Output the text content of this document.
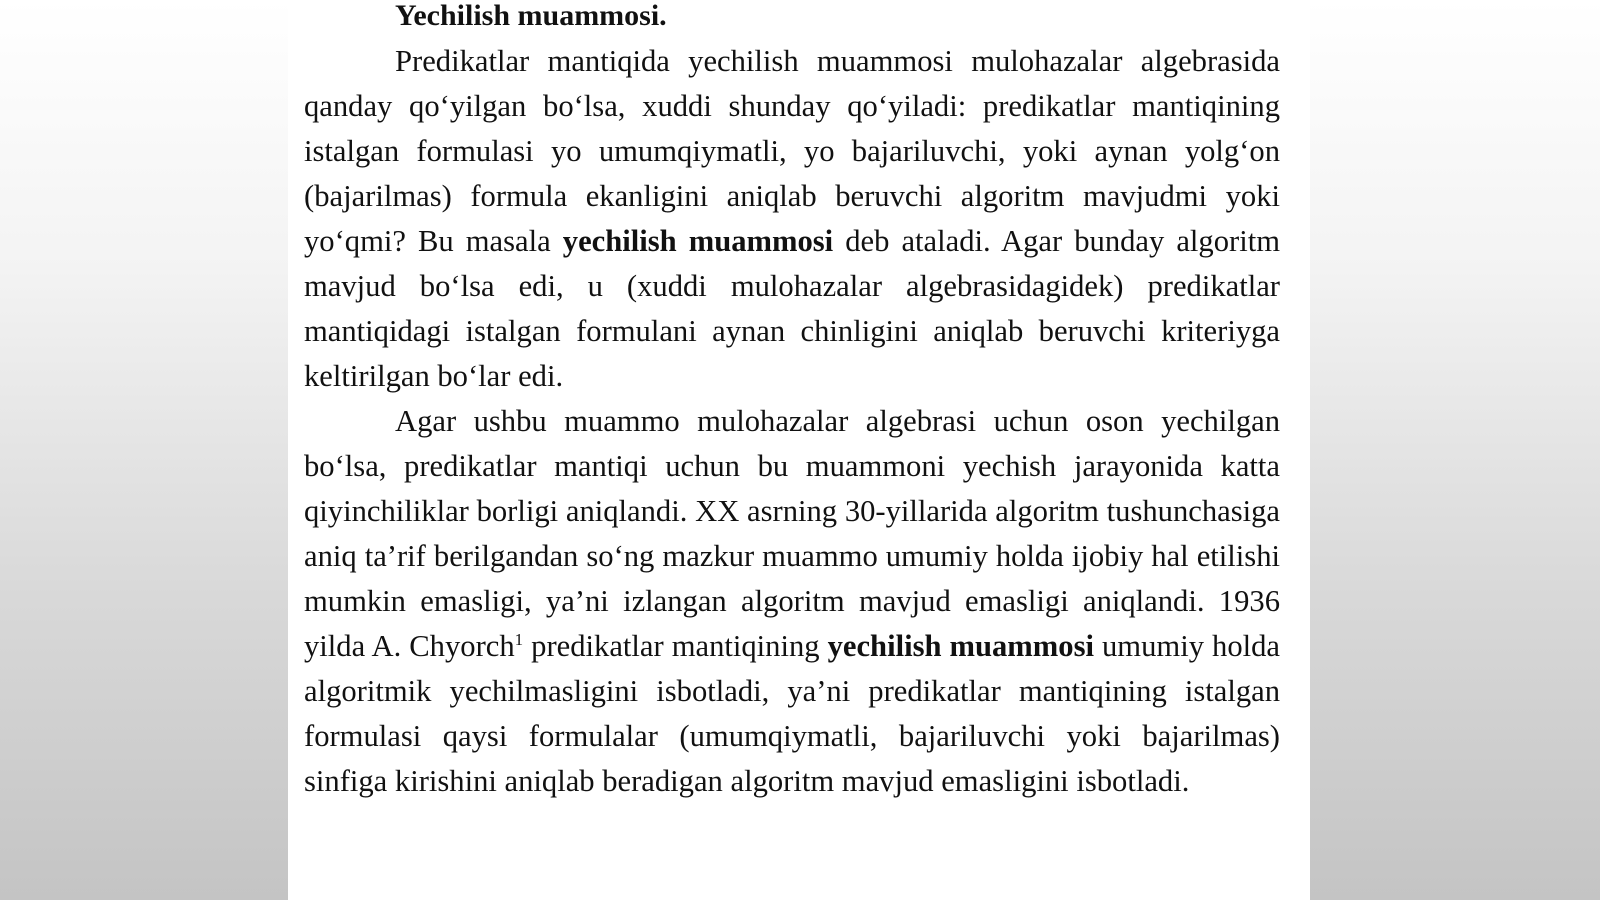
Yechilish muammosi.

Predikatlar mantiqida yechilish muammosi mulohazalar algebrasida qanday qo‘yilgan bo‘lsa, xuddi shunday qo‘yiladi: predikatlar mantiqining istalgan formulasi yo umumqiymatli, yo bajariluvchi, yoki aynan yolg‘on (bajarilmas) formula ekanligini aniqlab beruvchi algoritm mavjudmi yoki yo‘qmi? Bu masala yechilish muammosi deb ataladi. Agar bunday algoritm mavjud bo‘lsa edi, u (xuddi mulohazalar algebrasidagidek) predikatlar mantiqidagi istalgan formulani aynan chinligini aniqlab beruvchi kriteriyga keltirilgan bo‘lar edi.

Agar ushbu muammo mulohazalar algebrasi uchun oson yechilgan bo‘lsa, predikatlar mantiqi uchun bu muammoni yechish jarayonida katta qiyinchiliklar borligi aniqlandi. XX asrning 30-yillarida algoritm tushunchasiga aniq ta’rif berilgandan so‘ng mazkur muammo umumiy holda ijobiy hal etilishi mumkin emasligi, ya’ni izlangan algoritm mavjud emasligi aniqlandi. 1936 yilda A. Chyorch$^1$ predikatlar mantiqining yechilish muammosi umumiy holda algoritmik yechilmasligini isbotladi, ya’ni predikatlar mantiqining istalgan formulasi qaysi formulalar (umumqiymatli, bajariluvchi yoki bajarilmas) sinfiga kirishini aniqlab beradigan algoritm mavjud emasligini isbotladi.
